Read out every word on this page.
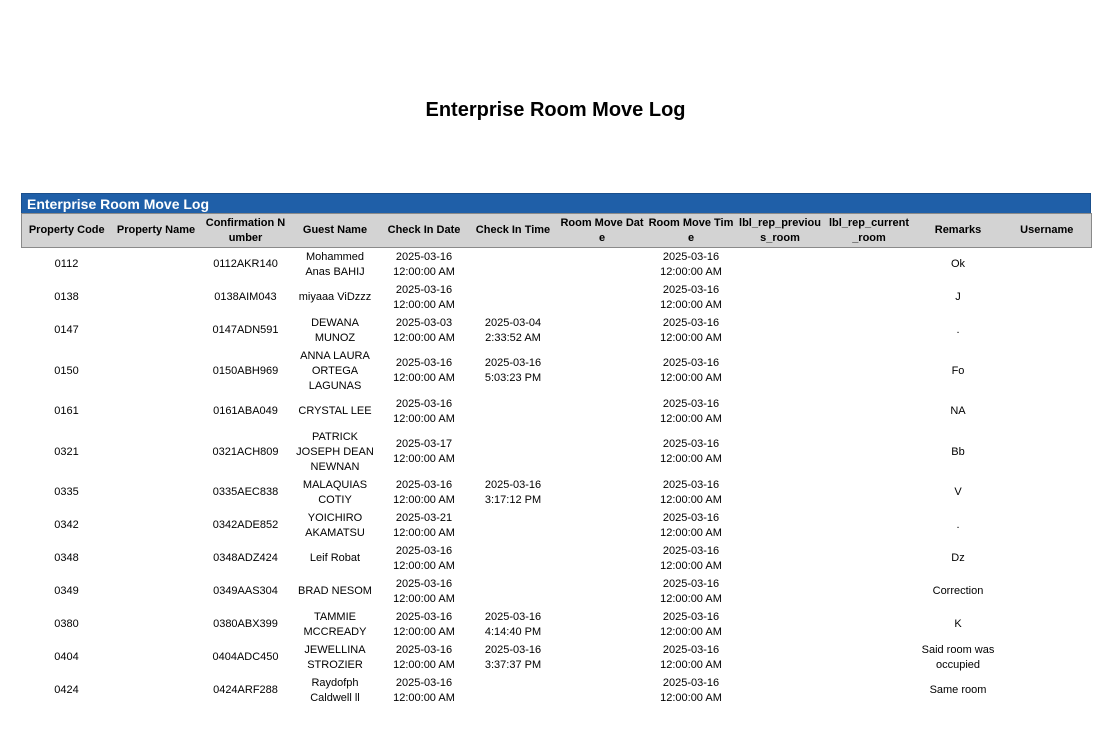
Enterprise Room Move Log
Enterprise Room Move Log
Property Code	Property Name	Confirmation Number	Guest Name	Check In Date	Check In Time	Room Move Date	Room Move Time	lbl_rep_previous_room	lbl_rep_current_room	Remarks	Username
0112		0112AKR140	Mohammed Anas BAHIJ	2025-03-16 12:00:00 AM			2025-03-16 12:00:00 AM			Ok	
0138		0138AIM043	miyaaa ViDzzz	2025-03-16 12:00:00 AM			2025-03-16 12:00:00 AM			J	
0147		0147ADN591	DEWANA MUNOZ	2025-03-03 12:00:00 AM	2025-03-04 2:33:52 AM		2025-03-16 12:00:00 AM			.	
0150		0150ABH969	ANNA LAURA ORTEGA LAGUNAS	2025-03-16 12:00:00 AM	2025-03-16 5:03:23 PM		2025-03-16 12:00:00 AM			Fo	
0161		0161ABA049	CRYSTAL LEE	2025-03-16 12:00:00 AM			2025-03-16 12:00:00 AM			NA	
0321		0321ACH809	PATRICK JOSEPH DEAN NEWNAN	2025-03-17 12:00:00 AM			2025-03-16 12:00:00 AM			Bb	
0335		0335AEC838	MALAQUIAS COTIY	2025-03-16 12:00:00 AM	2025-03-16 3:17:12 PM		2025-03-16 12:00:00 AM			V	
0342		0342ADE852	YOICHIRO AKAMATSU	2025-03-21 12:00:00 AM			2025-03-16 12:00:00 AM			.	
0348		0348ADZ424	Leif Robat	2025-03-16 12:00:00 AM			2025-03-16 12:00:00 AM			Dz	
0349		0349AAS304	BRAD NESOM	2025-03-16 12:00:00 AM			2025-03-16 12:00:00 AM			Correction	
0380		0380ABX399	TAMMIE MCCREADY	2025-03-16 12:00:00 AM	2025-03-16 4:14:40 PM		2025-03-16 12:00:00 AM			K	
0404		0404ADC450	JEWELLINA STROZIER	2025-03-16 12:00:00 AM	2025-03-16 3:37:37 PM		2025-03-16 12:00:00 AM			Said room was occupied	
0424		0424ARF288	Raydofph Caldwell ll	2025-03-16 12:00:00 AM			2025-03-16 12:00:00 AM			Same room	
